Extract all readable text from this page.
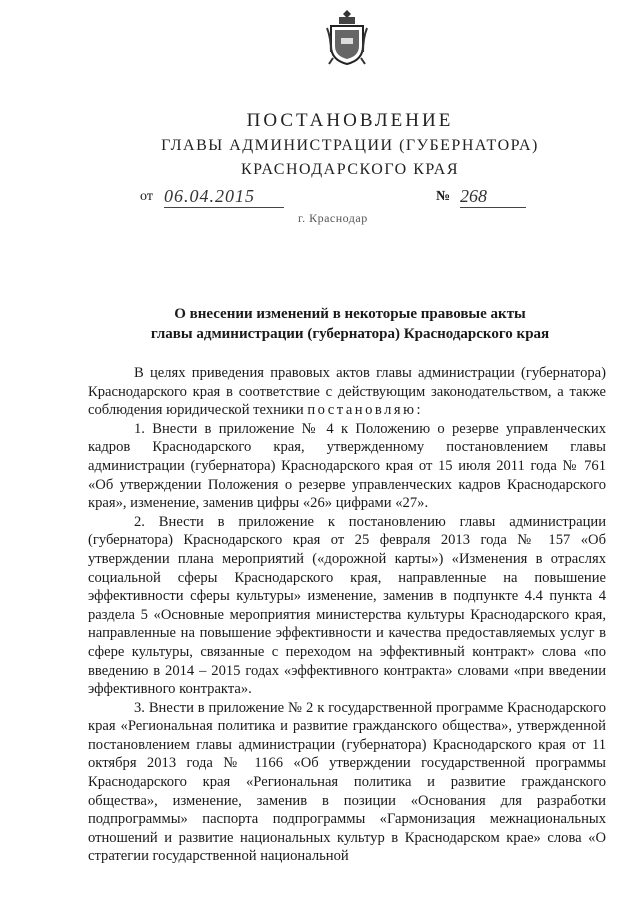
ПОСТАНОВЛЕНИЕ
ГЛАВЫ АДМИНИСТРАЦИИ (ГУБЕРНАТОРА)
КРАСНОДАРСКОГО КРАЯ
от 06.04.2015	№ 268
г. Краснодар
О внесении изменений в некоторые правовые акты
главы администрации (губернатора) Краснодарского края

В целях приведения правовых актов главы администрации (губернатора) Краснодарского края в соответствие с действующим законодательством, а также соблюдения юридической техники постановляю:

1. Внести в приложение № 4 к Положению о резерве управленческих кадров Краснодарского края, утвержденному постановлением главы администрации (губернатора) Краснодарского края от 15 июля 2011 года № 761 «Об утверждении Положения о резерве управленческих кадров Краснодарского края», изменение, заменив цифры «26» цифрами «27».

2. Внести в приложение к постановлению главы администрации (губернатора) Краснодарского края от 25 февраля 2013 года № 157 «Об утверждении плана мероприятий («дорожной карты») «Изменения в отраслях социальной сферы Краснодарского края, направленные на повышение эффективности сферы культуры» изменение, заменив в подпункте 4.4 пункта 4 раздела 5 «Основные мероприятия министерства культуры Краснодарского края, направленные на повышение эффективности и качества предоставляемых услуг в сфере культуры, связанные с переходом на эффективный контракт» слова «по введению в 2014 – 2015 годах «эффективного контракта» словами «при введении эффективного контракта».

3. Внести в приложение № 2 к государственной программе Краснодарского края «Региональная политика и развитие гражданского общества», утвержденной постановлением главы администрации (губернатора) Краснодарского края от 11 октября 2013 года № 1166 «Об утверждении государственной программы Краснодарского края «Региональная политика и развитие гражданского общества», изменение, заменив в позиции «Основания для разработки подпрограммы» паспорта подпрограммы «Гармонизация межнациональных отношений и развитие национальных культур в Краснодарском крае» слова «О стратегии государственной национальной
